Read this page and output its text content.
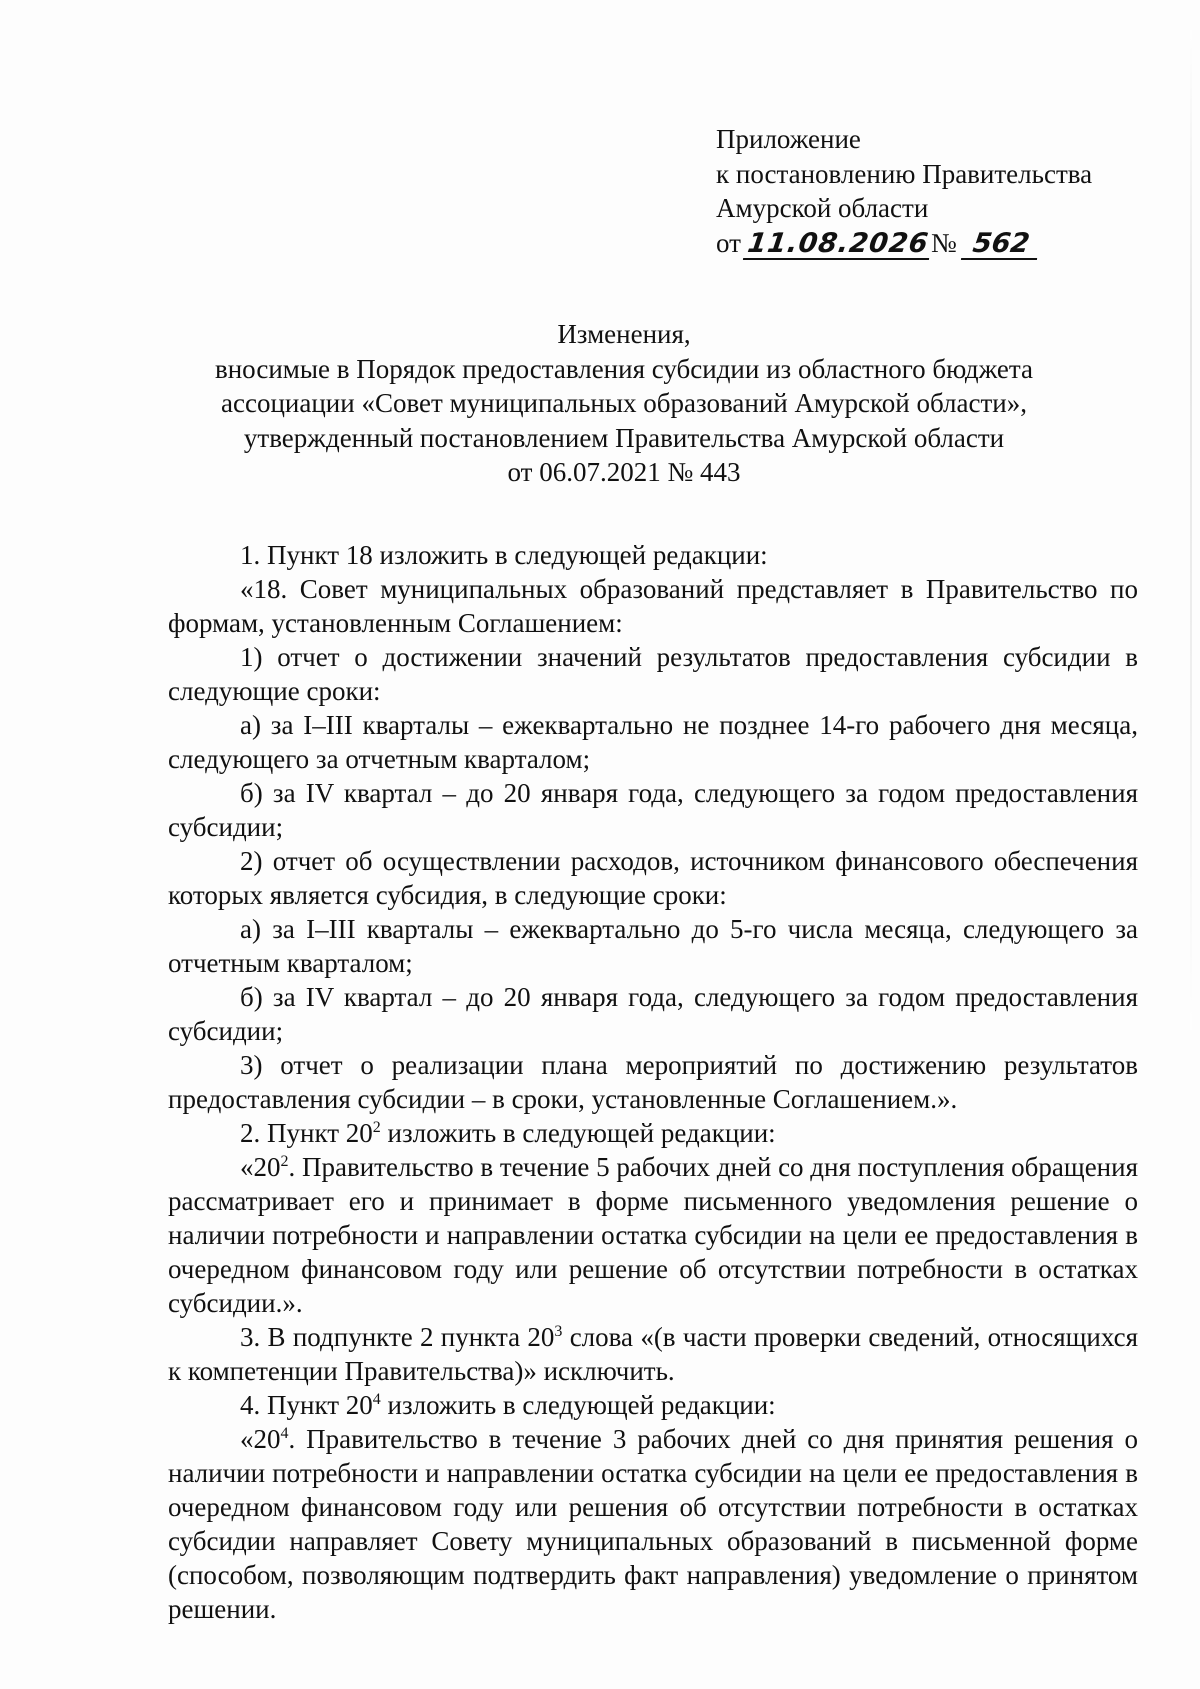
Приложение
к постановлению Правительства
Амурской области
от 11.08.2026№ 562
Изменения,
вносимые в Порядок предоставления субсидии из областного бюджета
ассоциации «Совет муниципальных образований Амурской области»,
утвержденный постановлением Правительства Амурской области
от 06.07.2021 № 443

1. Пункт 18 изложить в следующей редакции:

«18. Совет муниципальных образований представляет в Правительство по формам, установленным Соглашением:

1) отчет о достижении значений результатов предоставления субсидии в следующие сроки:

а) за I–III кварталы – ежеквартально не позднее 14-го рабочего дня месяца, следующего за отчетным кварталом;

б) за IV квартал – до 20 января года, следующего за годом предоставления субсидии;

2) отчет об осуществлении расходов, источником финансового обеспечения которых является субсидия, в следующие сроки:

а) за I–III кварталы – ежеквартально до 5-го числа месяца, следующего за отчетным кварталом;

б) за IV квартал – до 20 января года, следующего за годом предоставления субсидии;

3) отчет о реализации плана мероприятий по достижению результатов предоставления субсидии – в сроки, установленные Соглашением.».

2. Пункт $20^2$ изложить в следующей редакции:

«$20^2$. Правительство в течение 5 рабочих дней со дня поступления обращения рассматривает его и принимает в форме письменного уведомления решение о наличии потребности и направлении остатка субсидии на цели ее предоставления в очередном финансовом году или решение об отсутствии потребности в остатках субсидии.».

3. В подпункте 2 пункта $20^3$ слова «(в части проверки сведений, относящихся к компетенции Правительства)» исключить.

4. Пункт $20^4$ изложить в следующей редакции:

«$20^4$. Правительство в течение 3 рабочих дней со дня принятия решения о наличии потребности и направлении остатка субсидии на цели ее предоставления в очередном финансовом году или решения об отсутствии потребности в остатках субсидии направляет Совету муниципальных образований в письменной форме (способом, позволяющим подтвердить факт направления) уведомление о принятом решении.
